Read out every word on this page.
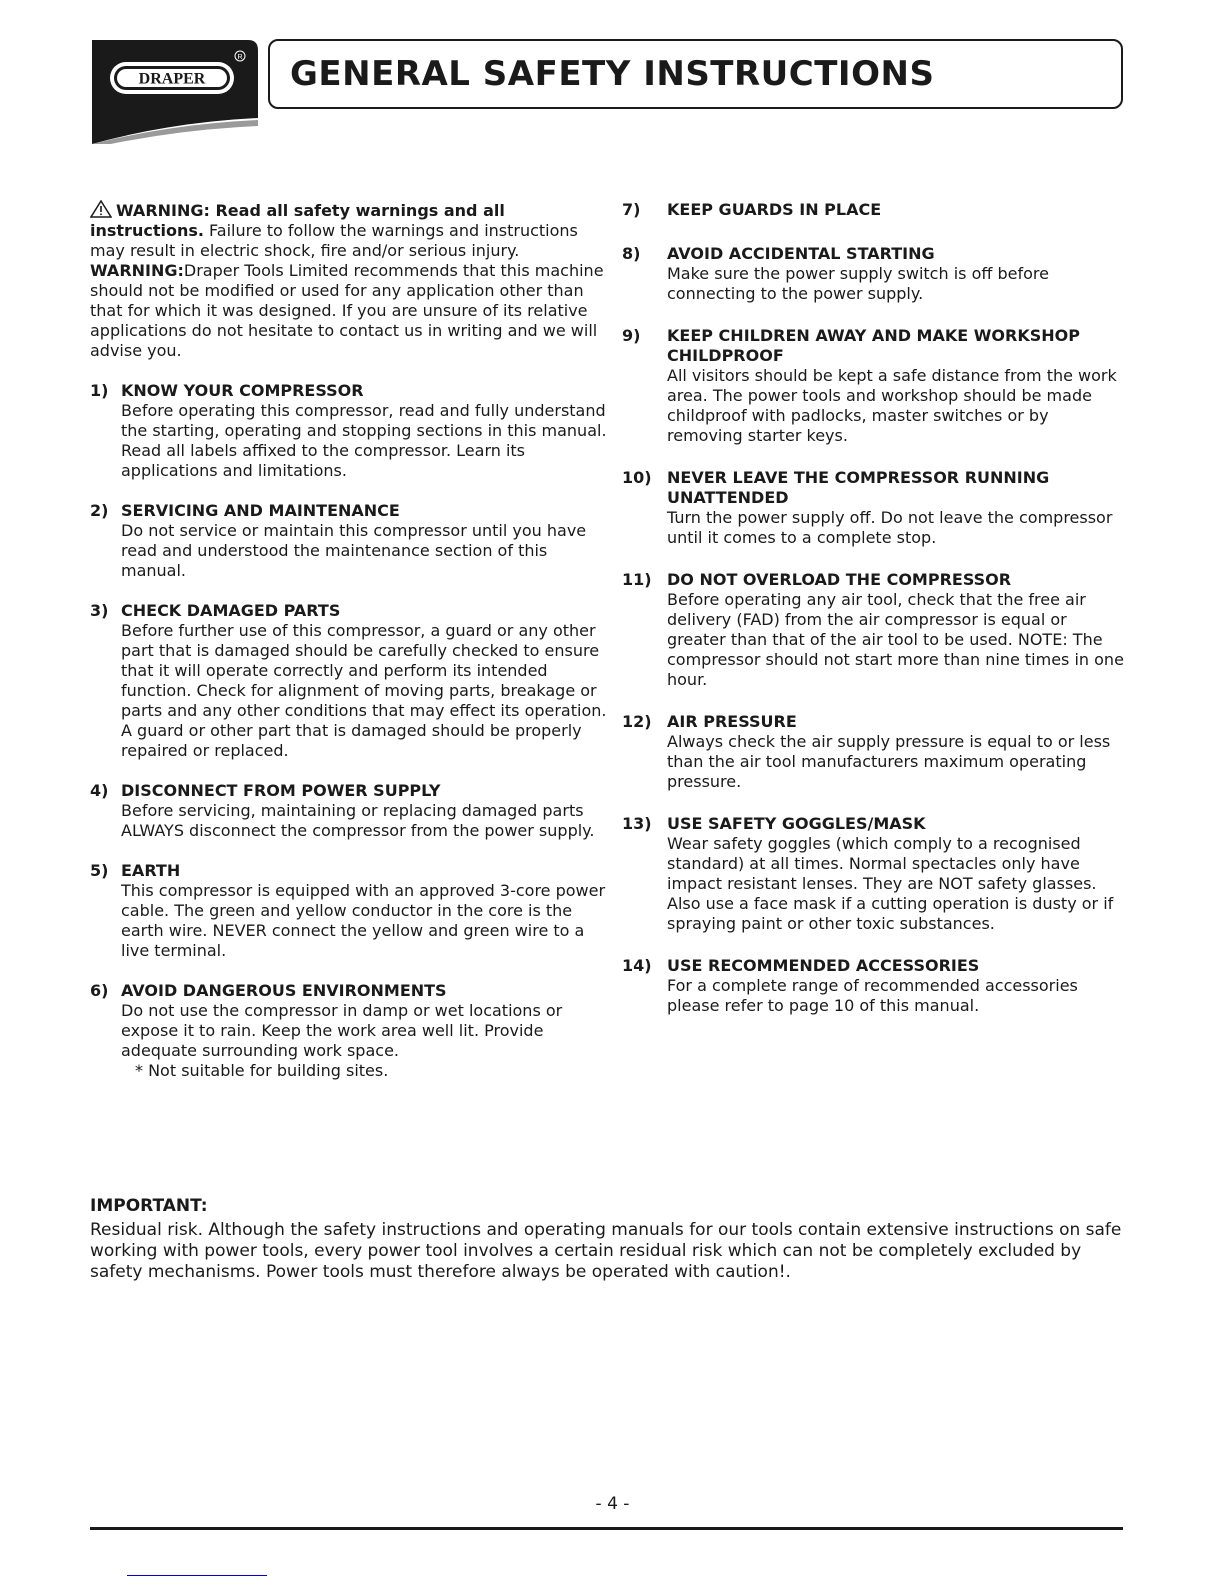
DRAPER
R GENERAL SAFETY INSTRUCTIONS

WARNING: Read all safety warnings and all instructions. Failure to follow the warnings and instructions may result in electric shock, fire and/or serious injury.

WARNING:Draper Tools Limited recommends that this machine should not be modified or used for any application other than that for which it was designed. If you are unsure of its relative applications do not hesitate to contact us in writing and we will advise you.

1) KNOW YOUR COMPRESSOR
Before operating this compressor, read and fully understand the starting, operating and stopping sections in this manual. Read all labels affixed to the compressor. Learn its applications and limitations.
2) SERVICING AND MAINTENANCE
Do not service or maintain this compressor until you have read and understood the maintenance section of this manual.
3) CHECK DAMAGED PARTS
Before further use of this compressor, a guard or any other part that is damaged should be carefully checked to ensure that it will operate correctly and perform its intended function. Check for alignment of moving parts, breakage or parts and any other conditions that may effect its operation. A guard or other part that is damaged should be properly repaired or replaced.
4) DISCONNECT FROM POWER SUPPLY
Before servicing, maintaining or replacing damaged parts ALWAYS disconnect the compressor from the power supply.
5) EARTH
This compressor is equipped with an approved 3-core power cable. The green and yellow conductor in the core is the earth wire. NEVER connect the yellow and green wire to a live terminal.
6) AVOID DANGEROUS ENVIRONMENTS
Do not use the compressor in damp or wet locations or expose it to rain. Keep the work area well lit. Provide adequate surrounding work space.
* Not suitable for building sites.
7) KEEP GUARDS IN PLACE
8) AVOID ACCIDENTAL STARTING
Make sure the power supply switch is off before connecting to the power supply.
9) KEEP CHILDREN AWAY AND MAKE WORKSHOP CHILDPROOF
All visitors should be kept a safe distance from the work area. The power tools and workshop should be made childproof with padlocks, master switches or by removing starter keys.
10) NEVER LEAVE THE COMPRESSOR RUNNING UNATTENDED
Turn the power supply off. Do not leave the compressor until it comes to a complete stop.
11) DO NOT OVERLOAD THE COMPRESSOR
Before operating any air tool, check that the free air delivery (FAD) from the air compressor is equal or greater than that of the air tool to be used. NOTE: The compressor should not start more than nine times in one hour.
12) AIR PRESSURE
Always check the air supply pressure is equal to or less than the air tool manufacturers maximum operating pressure.
13) USE SAFETY GOGGLES/MASK
Wear safety goggles (which comply to a recognised standard) at all times. Normal spectacles only have impact resistant lenses. They are NOT safety glasses. Also use a face mask if a cutting operation is dusty or if spraying paint or other toxic substances.
14) USE RECOMMENDED ACCESSORIES
For a complete range of recommended accessories please refer to page 10 of this manual.
IMPORTANT:
Residual risk. Although the safety instructions and operating manuals for our tools contain extensive instructions on safe working with power tools, every power tool involves a certain residual risk which can not be completely excluded by safety mechanisms. Power tools must therefore always be operated with caution!.
- 4 -
